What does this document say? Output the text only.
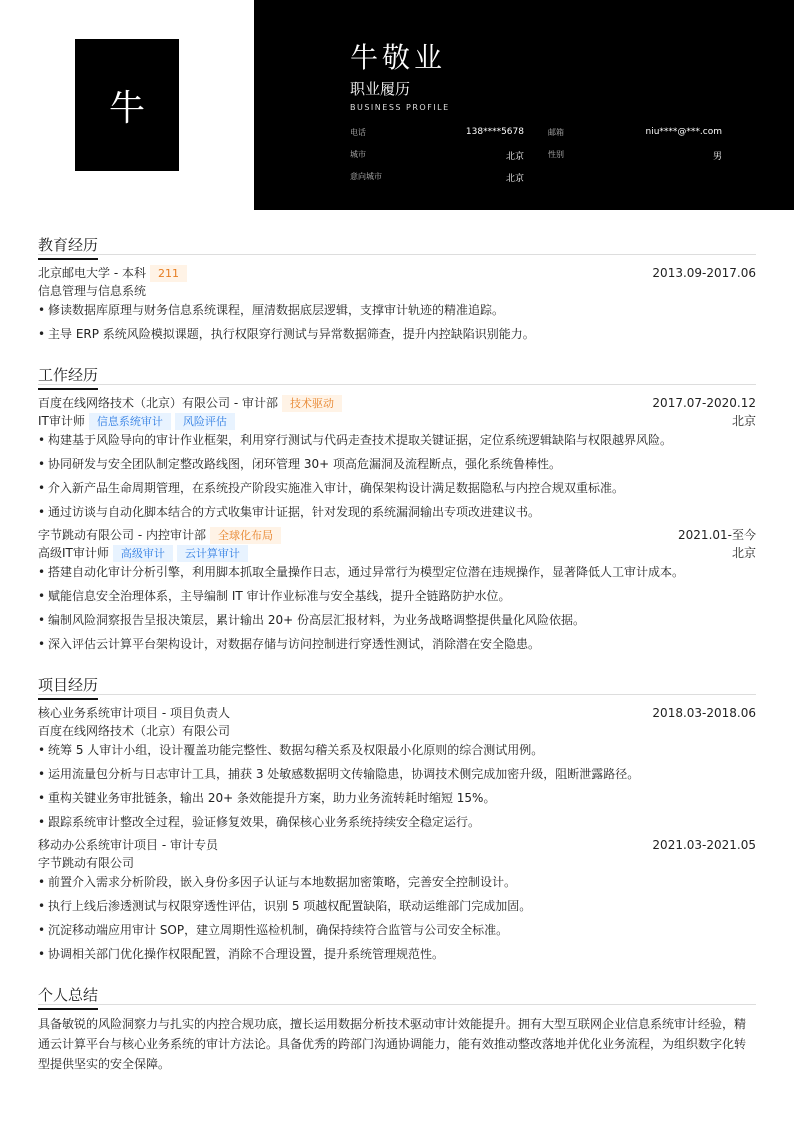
牛
牛敬业
职业履历
BUSINESS PROFILE
电话	138****5678	邮箱	niu****@***.com
城市	北京	性别	男
意向城市	北京
教育经历
北京邮电大学 - 本科 211	2013.09-2017.06
信息管理与信息系统
• 修读数据库原理与财务信息系统课程，厘清数据底层逻辑，支撑审计轨迹的精准追踪。
• 主导 ERP 系统风险模拟课题，执行权限穿行测试与异常数据筛查，提升内控缺陷识别能力。
工作经历
百度在线网络技术（北京）有限公司 - 审计部 技术驱动	2017.07-2020.12
IT审计师 信息系统审计 风险评估	北京
• 构建基于风险导向的审计作业框架，利用穿行测试与代码走查技术提取关键证据，定位系统逻辑缺陷与权限越界风险。
• 协同研发与安全团队制定整改路线图，闭环管理 30+ 项高危漏洞及流程断点，强化系统鲁棒性。
• 介入新产品生命周期管理，在系统投产阶段实施准入审计，确保架构设计满足数据隐私与内控合规双重标准。
• 通过访谈与自动化脚本结合的方式收集审计证据，针对发现的系统漏洞输出专项改进建议书。
字节跳动有限公司 - 内控审计部 全球化布局	2021.01-至今
高级IT审计师 高级审计 云计算审计	北京
• 搭建自动化审计分析引擎，利用脚本抓取全量操作日志，通过异常行为模型定位潜在违规操作，显著降低人工审计成本。
• 赋能信息安全治理体系，主导编制 IT 审计作业标准与安全基线，提升全链路防护水位。
• 编制风险洞察报告呈报决策层，累计输出 20+ 份高层汇报材料，为业务战略调整提供量化风险依据。
• 深入评估云计算平台架构设计，对数据存储与访问控制进行穿透性测试，消除潜在安全隐患。
项目经历
核心业务系统审计项目 - 项目负责人	2018.03-2018.06
百度在线网络技术（北京）有限公司
• 统筹 5 人审计小组，设计覆盖功能完整性、数据勾稽关系及权限最小化原则的综合测试用例。
• 运用流量包分析与日志审计工具，捕获 3 处敏感数据明文传输隐患，协调技术侧完成加密升级，阻断泄露路径。
• 重构关键业务审批链条，输出 20+ 条效能提升方案，助力业务流转耗时缩短 15%。
• 跟踪系统审计整改全过程，验证修复效果，确保核心业务系统持续安全稳定运行。
移动办公系统审计项目 - 审计专员	2021.03-2021.05
字节跳动有限公司
• 前置介入需求分析阶段，嵌入身份多因子认证与本地数据加密策略，完善安全控制设计。
• 执行上线后渗透测试与权限穿透性评估，识别 5 项越权配置缺陷，联动运维部门完成加固。
• 沉淀移动端应用审计 SOP，建立周期性巡检机制，确保持续符合监管与公司安全标准。
• 协调相关部门优化操作权限配置，消除不合理设置，提升系统管理规范性。
个人总结
具备敏锐的风险洞察力与扎实的内控合规功底，擅长运用数据分析技术驱动审计效能提升。拥有大型互联网企业信息系统审计经验，精通云计算平台与核心业务系统的审计方法论。具备优秀的跨部门沟通协调能力，能有效推动整改落地并优化业务流程，为组织数字化转型提供坚实的安全保障。
